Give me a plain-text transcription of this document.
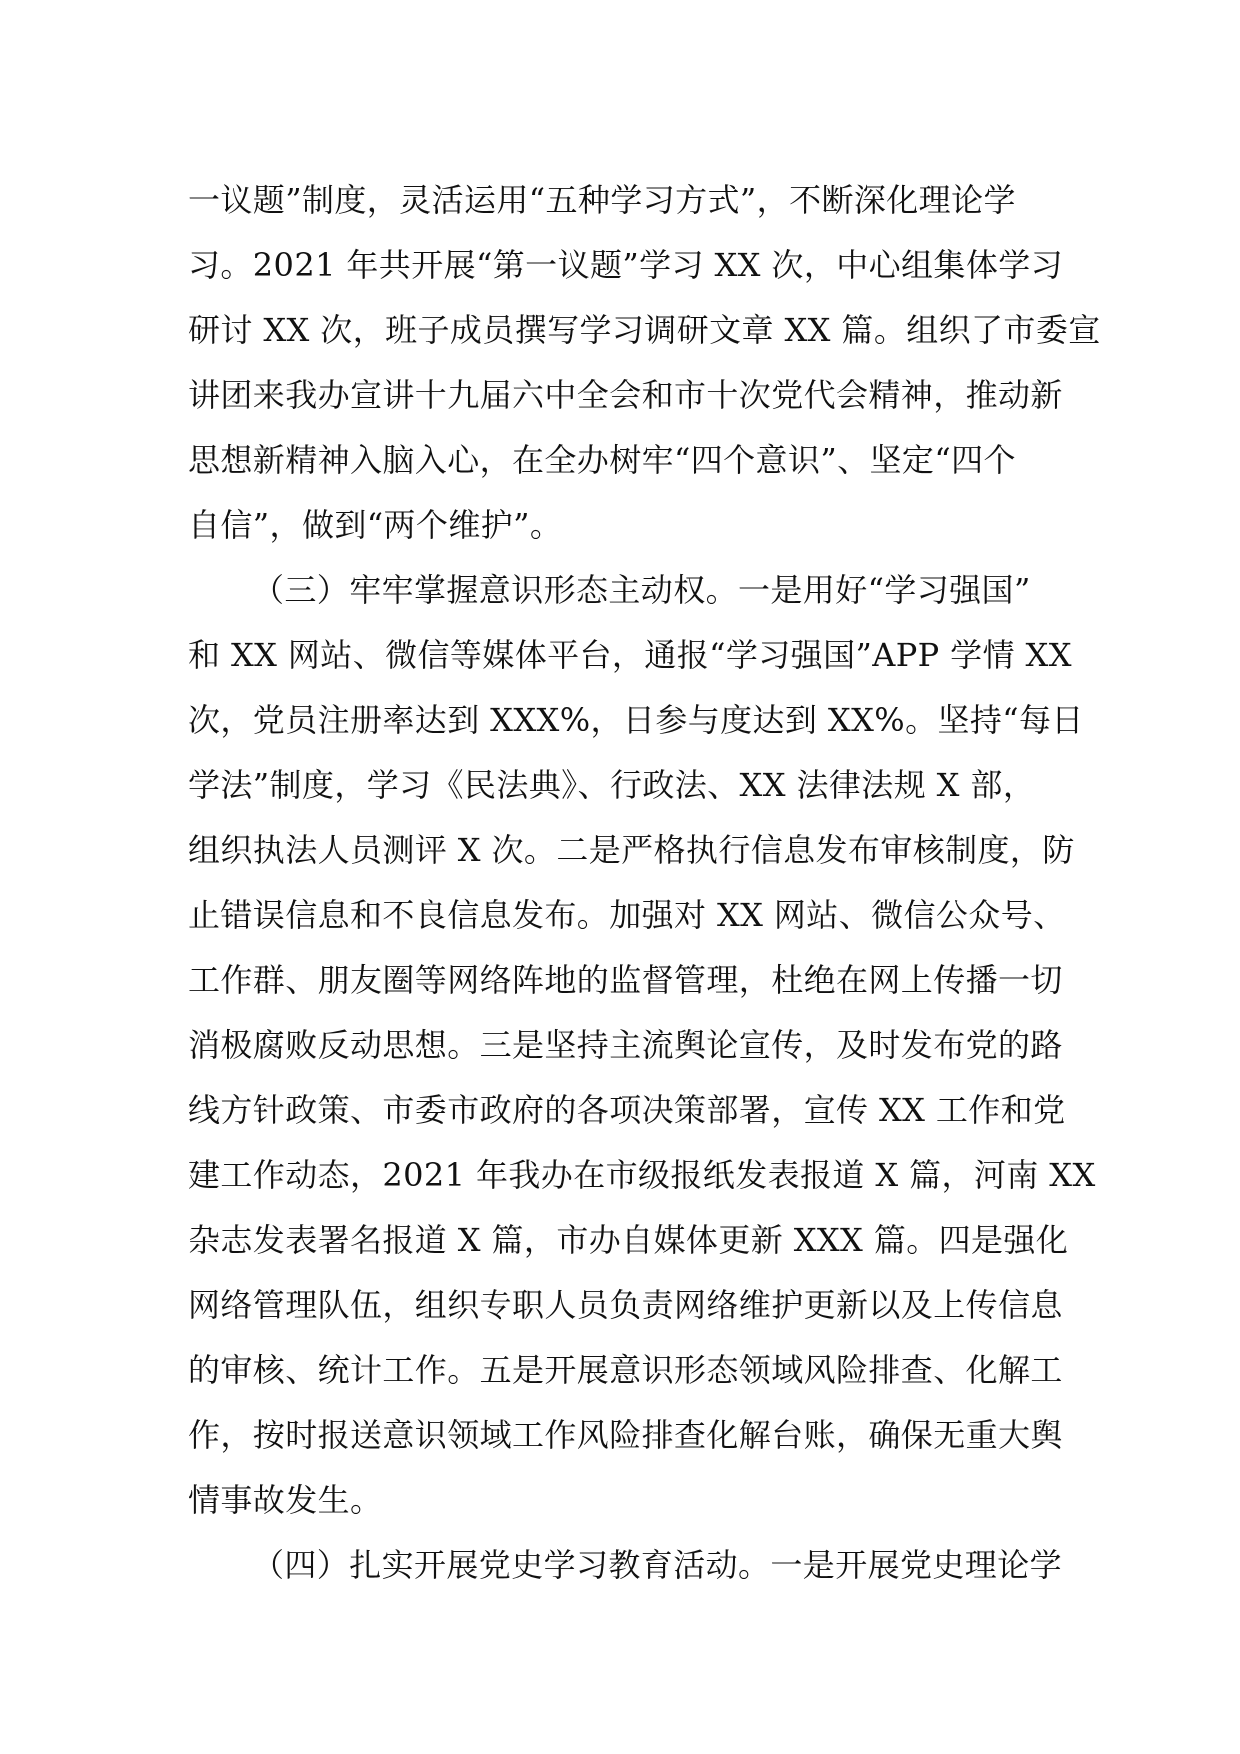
一议题”制度，灵活运用“五种学习方式”，不断深化理论学
习。2021 年共开展“第一议题”学习 XX 次，中心组集体学习
研讨 XX 次，班子成员撰写学习调研文章 XX 篇。组织了市委宣
讲团来我办宣讲十九届六中全会和市十次党代会精神，推动新
思想新精神入脑入心，在全办树牢“四个意识”、坚定“四个
自信”，做到“两个维护”。
（三）牢牢掌握意识形态主动权。一是用好“学习强国”
和 XX 网站、微信等媒体平台，通报“学习强国”APP 学情 XX
次，党员注册率达到 XXX%，日参与度达到 XX%。坚持“每日
学法”制度，学习《民法典》、行政法、XX 法律法规 X 部，
组织执法人员测评 X 次。二是严格执行信息发布审核制度，防
止错误信息和不良信息发布。加强对 XX 网站、微信公众号、
工作群、朋友圈等网络阵地的监督管理，杜绝在网上传播一切
消极腐败反动思想。三是坚持主流舆论宣传，及时发布党的路
线方针政策、市委市政府的各项决策部署，宣传 XX 工作和党
建工作动态，2021 年我办在市级报纸发表报道 X 篇，河南 XX
杂志发表署名报道 X 篇，市办自媒体更新 XXX 篇。四是强化
网络管理队伍，组织专职人员负责网络维护更新以及上传信息
的审核、统计工作。五是开展意识形态领域风险排查、化解工
作，按时报送意识领域工作风险排查化解台账，确保无重大舆
情事故发生。
（四）扎实开展党史学习教育活动。一是开展党史理论学
